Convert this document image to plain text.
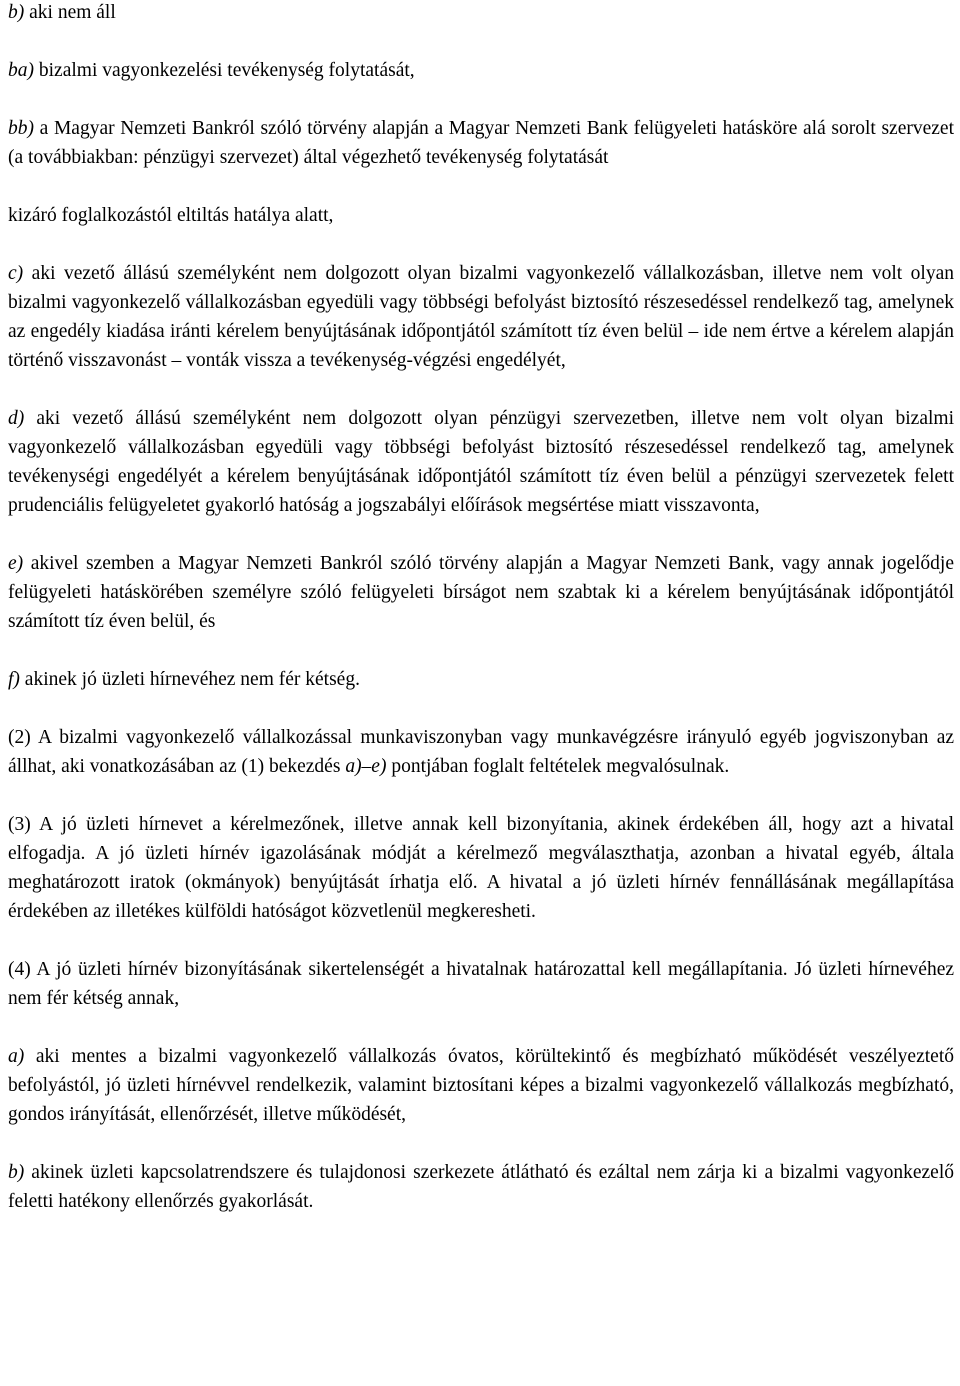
b) aki nem áll

ba) bizalmi vagyonkezelési tevékenység folytatását,

bb) a Magyar Nemzeti Bankról szóló törvény alapján a Magyar Nemzeti Bank felügyeleti hatásköre alá sorolt szervezet (a továbbiakban: pénzügyi szervezet) által végezhető tevékenység folytatását

kizáró foglalkozástól eltiltás hatálya alatt,

c) aki vezető állású személyként nem dolgozott olyan bizalmi vagyonkezelő vállalkozásban, illetve nem volt olyan bizalmi vagyonkezelő vállalkozásban egyedüli vagy többségi befolyást biztosító részesedéssel rendelkező tag, amelynek az engedély kiadása iránti kérelem benyújtásának időpontjától számított tíz éven belül – ide nem értve a kérelem alapján történő visszavonást – vonták vissza a tevékenység-végzési engedélyét,

d) aki vezető állású személyként nem dolgozott olyan pénzügyi szervezetben, illetve nem volt olyan bizalmi vagyonkezelő vállalkozásban egyedüli vagy többségi befolyást biztosító részesedéssel rendelkező tag, amelynek tevékenységi engedélyét a kérelem benyújtásának időpontjától számított tíz éven belül a pénzügyi szervezetek felett prudenciális felügyeletet gyakorló hatóság a jogszabályi előírások megsértése miatt visszavonta,

e) akivel szemben a Magyar Nemzeti Bankról szóló törvény alapján a Magyar Nemzeti Bank, vagy annak jogelődje felügyeleti hatáskörében személyre szóló felügyeleti bírságot nem szabtak ki a kérelem benyújtásának időpontjától számított tíz éven belül, és

f) akinek jó üzleti hírnevéhez nem fér kétség.

(2) A bizalmi vagyonkezelő vállalkozással munkaviszonyban vagy munkavégzésre irányuló egyéb jogviszonyban az állhat, aki vonatkozásában az (1) bekezdés a)–e) pontjában foglalt feltételek megvalósulnak.

(3) A jó üzleti hírnevet a kérelmezőnek, illetve annak kell bizonyítania, akinek érdekében áll, hogy azt a hivatal elfogadja. A jó üzleti hírnév igazolásának módját a kérelmező megválaszthatja, azonban a hivatal egyéb, általa meghatározott iratok (okmányok) benyújtását írhatja elő. A hivatal a jó üzleti hírnév fennállásának megállapítása érdekében az illetékes külföldi hatóságot közvetlenül megkeresheti.

(4) A jó üzleti hírnév bizonyításának sikertelenségét a hivatalnak határozattal kell megállapítania. Jó üzleti hírnevéhez nem fér kétség annak,

a) aki mentes a bizalmi vagyonkezelő vállalkozás óvatos, körültekintő és megbízható működését veszélyeztető befolyástól, jó üzleti hírnévvel rendelkezik, valamint biztosítani képes a bizalmi vagyonkezelő vállalkozás megbízható, gondos irányítását, ellenőrzését, illetve működését,

b) akinek üzleti kapcsolatrendszere és tulajdonosi szerkezete átlátható és ezáltal nem zárja ki a bizalmi vagyonkezelő feletti hatékony ellenőrzés gyakorlását.
